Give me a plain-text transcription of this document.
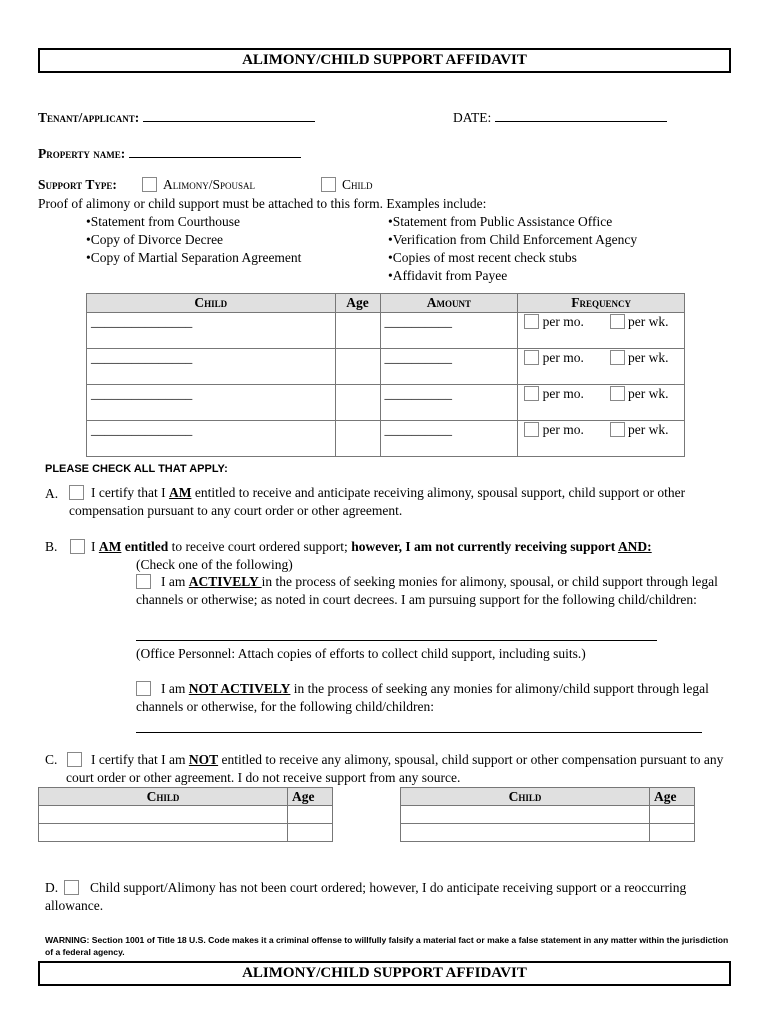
ALIMONY/CHILD SUPPORT AFFIDAVIT
Tenant/applicant:	DATE:
Property name:
Support Type:	Alimony/Spousal	Child
Proof of alimony or child support must be attached to this form. Examples include:
•Statement from Courthouse
•Copy of Divorce Decree
•Copy of Martial Separation Agreement
•Statement from Public Assistance Office
•Verification from Child Enforcement Agency
•Copies of most recent check stubs
•Affidavit from Payee
Child	Age	Amount	Frequency	
_______________		__________	per mo.	per wk.
_______________		__________	per mo.	per wk.
_______________		__________	per mo.	per wk.
_______________		__________	per mo.	per wk.
PLEASE CHECK ALL THAT APPLY:
A.	I certify that I AM entitled to receive and anticipate receiving alimony, spousal support, child support or other compensation pursuant to any court order or other agreement.
B. I AM entitled to receive court ordered support; however, I am not currently receiving support AND:
(Check one of the following)
I am ACTIVELY in the process of seeking monies for alimony, spousal, or child support through legal channels or otherwise; as noted in court decrees. I am pursuing support for the following child/children:
(Office Personnel: Attach copies of efforts to collect child support, including suits.)
I am NOT ACTIVELY in the process of seeking any monies for alimony/child support through legal channels or otherwise, for the following child/children:
C.	I certify that I am NOT entitled to receive any alimony, spousal, child support or other compensation pursuant to any court order or other agreement. I do not receive support from any source.
Child	Age

		Child	Age

D.	Child support/Alimony has not been court ordered; however, I do anticipate receiving support or a reoccurring allowance.
WARNING: Section 1001 of Title 18 U.S. Code makes it a criminal offense to willfully falsify a material fact or make a false statement in any matter within the jurisdiction of a federal agency.
ALIMONY/CHILD SUPPORT AFFIDAVIT
